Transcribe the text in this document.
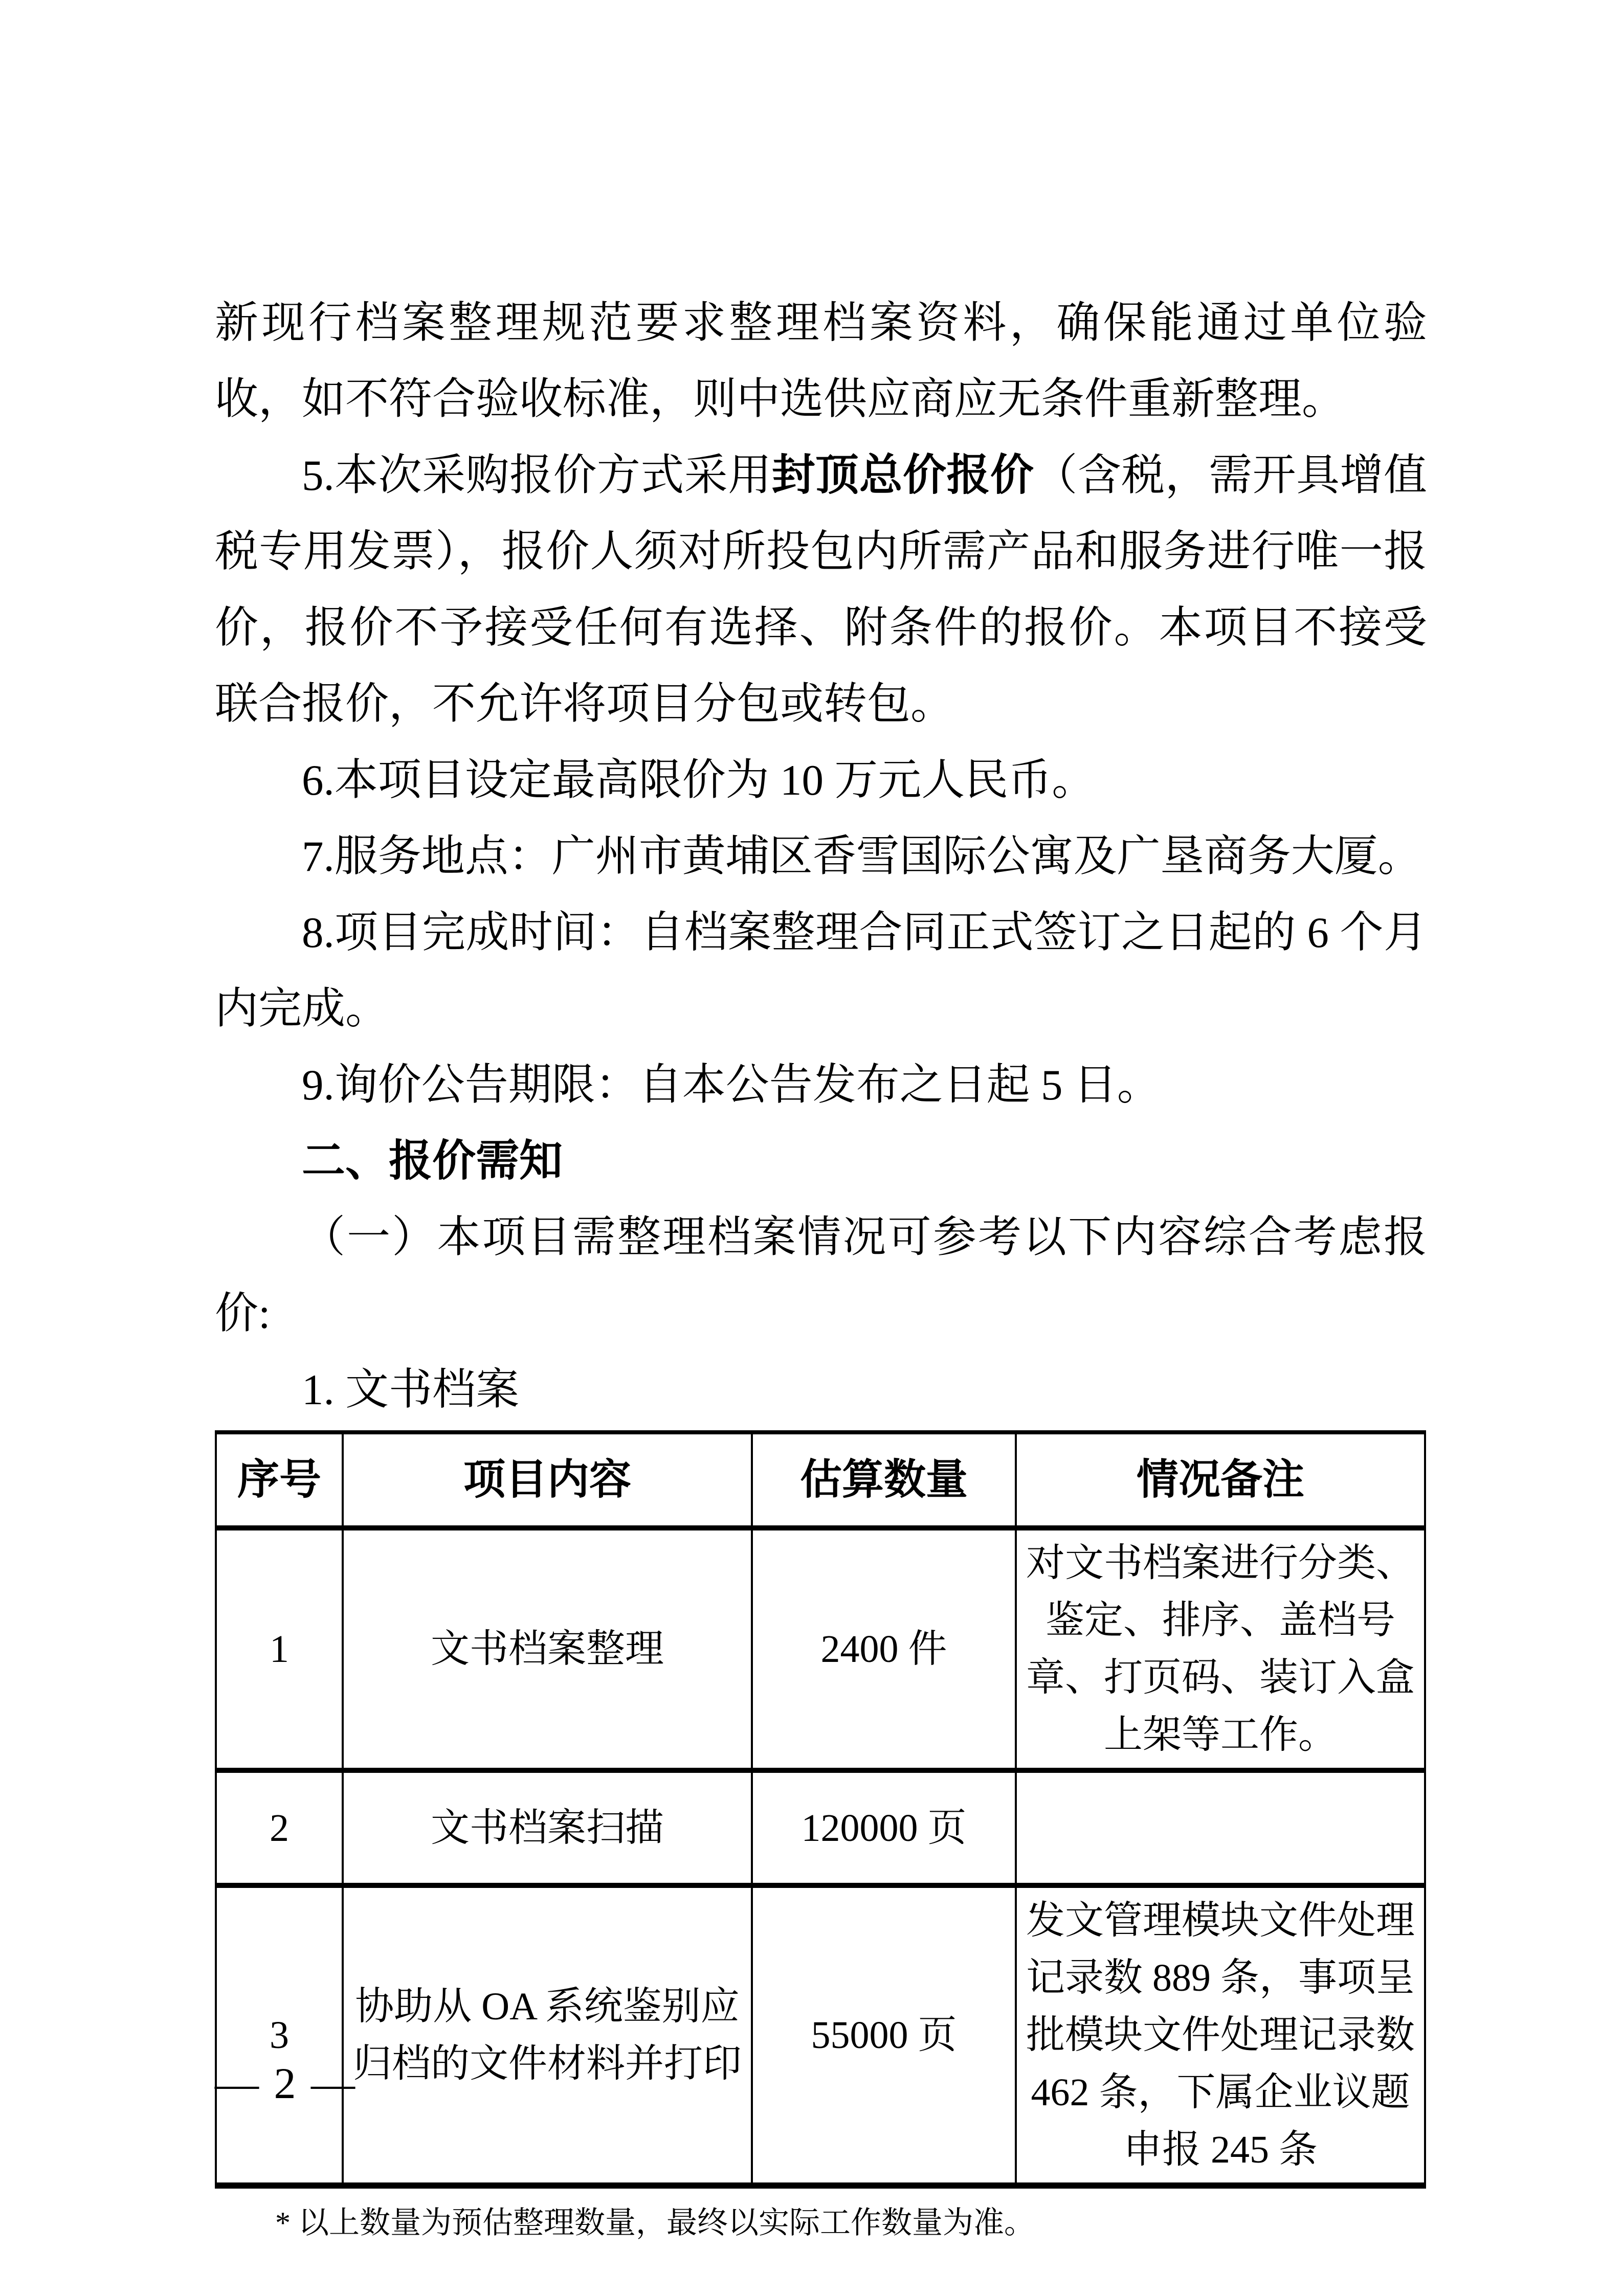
新现行档案整理规范要求整理档案资料，确保能通过单位验收，如不符合验收标准，则中选供应商应无条件重新整理。

5.本次采购报价方式采用封顶总价报价（含税，需开具增值税专用发票），报价人须对所投包内所需产品和服务进行唯一报价，报价不予接受任何有选择、附条件的报价。本项目不接受联合报价，不允许将项目分包或转包。

6.本项目设定最高限价为 10 万元人民币。

7.服务地点：广州市黄埔区香雪国际公寓及广垦商务大厦。

8.项目完成时间：自档案整理合同正式签订之日起的 6 个月内完成。

9.询价公告期限：自本公告发布之日起 5 日。

二、报价需知

（一）本项目需整理档案情况可参考以下内容综合考虑报价:

1. 文书档案

序号	项目内容	估算数量	情况备注
1	文书档案整理	2400 件	对文书档案进行分类、鉴定、排序、盖档号章、打页码、装订入盒上架等工作。
2	文书档案扫描	120000 页	
3	协助从 OA 系统鉴别应归档的文件材料并打印	55000 页	发文管理模块文件处理记录数 889 条，事项呈批模块文件处理记录数 462 条，下属企业议题申报 245 条
* 以上数量为预估整理数量，最终以实际工作数量为准。
— 2 —
